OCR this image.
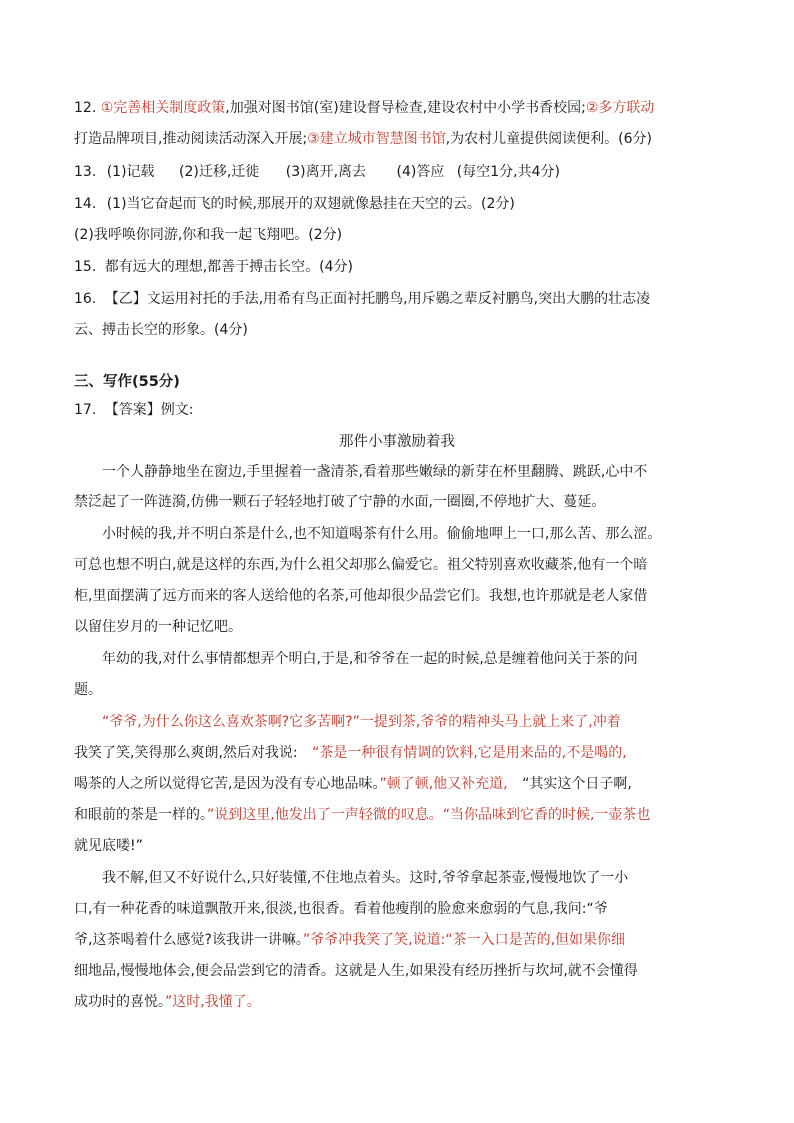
12. ①完善相关制度政策,加强对图书馆(室)建设督导检查,建设农村中小学书香校园;②多方联动
打造品牌项目,推动阅读活动深入开展;③建立城市智慧图书馆,为农村儿童提供阅读便利。(6分)
13. (1)记载 (2)迁移,迁徙 (3)离开,离去 (4)答应 (每空1分,共4分)
14. (1)当它奋起而飞的时候,那展开的双翅就像悬挂在天空的云。(2分)
(2)我呼唤你同游,你和我一起飞翔吧。(2分)
15. 都有远大的理想,都善于搏击长空。(4分)
16. 【乙】文运用衬托的手法,用希有鸟正面衬托鹏鸟,用斥鷃之辈反衬鹏鸟,突出大鹏的壮志凌
云、搏击长空的形象。(4分)
三、写作(55分)
17. 【答案】例文:
那件小事激励着我
一个人静静地坐在窗边,手里握着一盏清茶,看着那些嫩绿的新芽在杯里翻腾、跳跃,心中不
禁泛起了一阵涟漪,仿佛一颗石子轻轻地打破了宁静的水面,一圈圈,不停地扩大、蔓延。
小时候的我,并不明白茶是什么,也不知道喝茶有什么用。偷偷地呷上一口,那么苦、那么涩。
可总也想不明白,就是这样的东西,为什么祖父却那么偏爱它。祖父特别喜欢收藏茶,他有一个暗
柜,里面摆满了远方而来的客人送给他的名茶,可他却很少品尝它们。我想,也许那就是老人家借
以留住岁月的一种记忆吧。
年幼的我,对什么事情都想弄个明白,于是,和爷爷在一起的时候,总是缠着他问关于茶的问
题。
“爷爷,为什么你这么喜欢茶啊?它多苦啊?”一提到茶,爷爷的精神头马上就上来了,冲着
我笑了笑,笑得那么爽朗,然后对我说: “茶是一种很有情调的饮料,它是用来品的,不是喝的,
喝茶的人之所以觉得它苦,是因为没有专心地品味。”顿了顿,他又补充道, “其实这个日子啊,
和眼前的茶是一样的。”说到这里,他发出了一声轻微的叹息。“当你品味到它香的时候,一壶茶也
就见底喽!”
我不解,但又不好说什么,只好装懂,不住地点着头。这时,爷爷拿起茶壶,慢慢地饮了一小
口,有一种花香的味道飘散开来,很淡,也很香。看着他瘦削的脸愈来愈弱的气息,我问:“爷
爷,这茶喝着什么感觉?该我讲一讲嘛。”爷爷冲我笑了笑,说道:“茶一入口是苦的,但如果你细
细地品,慢慢地体会,便会品尝到它的清香。这就是人生,如果没有经历挫折与坎坷,就不会懂得
成功时的喜悦。”这时,我懂了。
